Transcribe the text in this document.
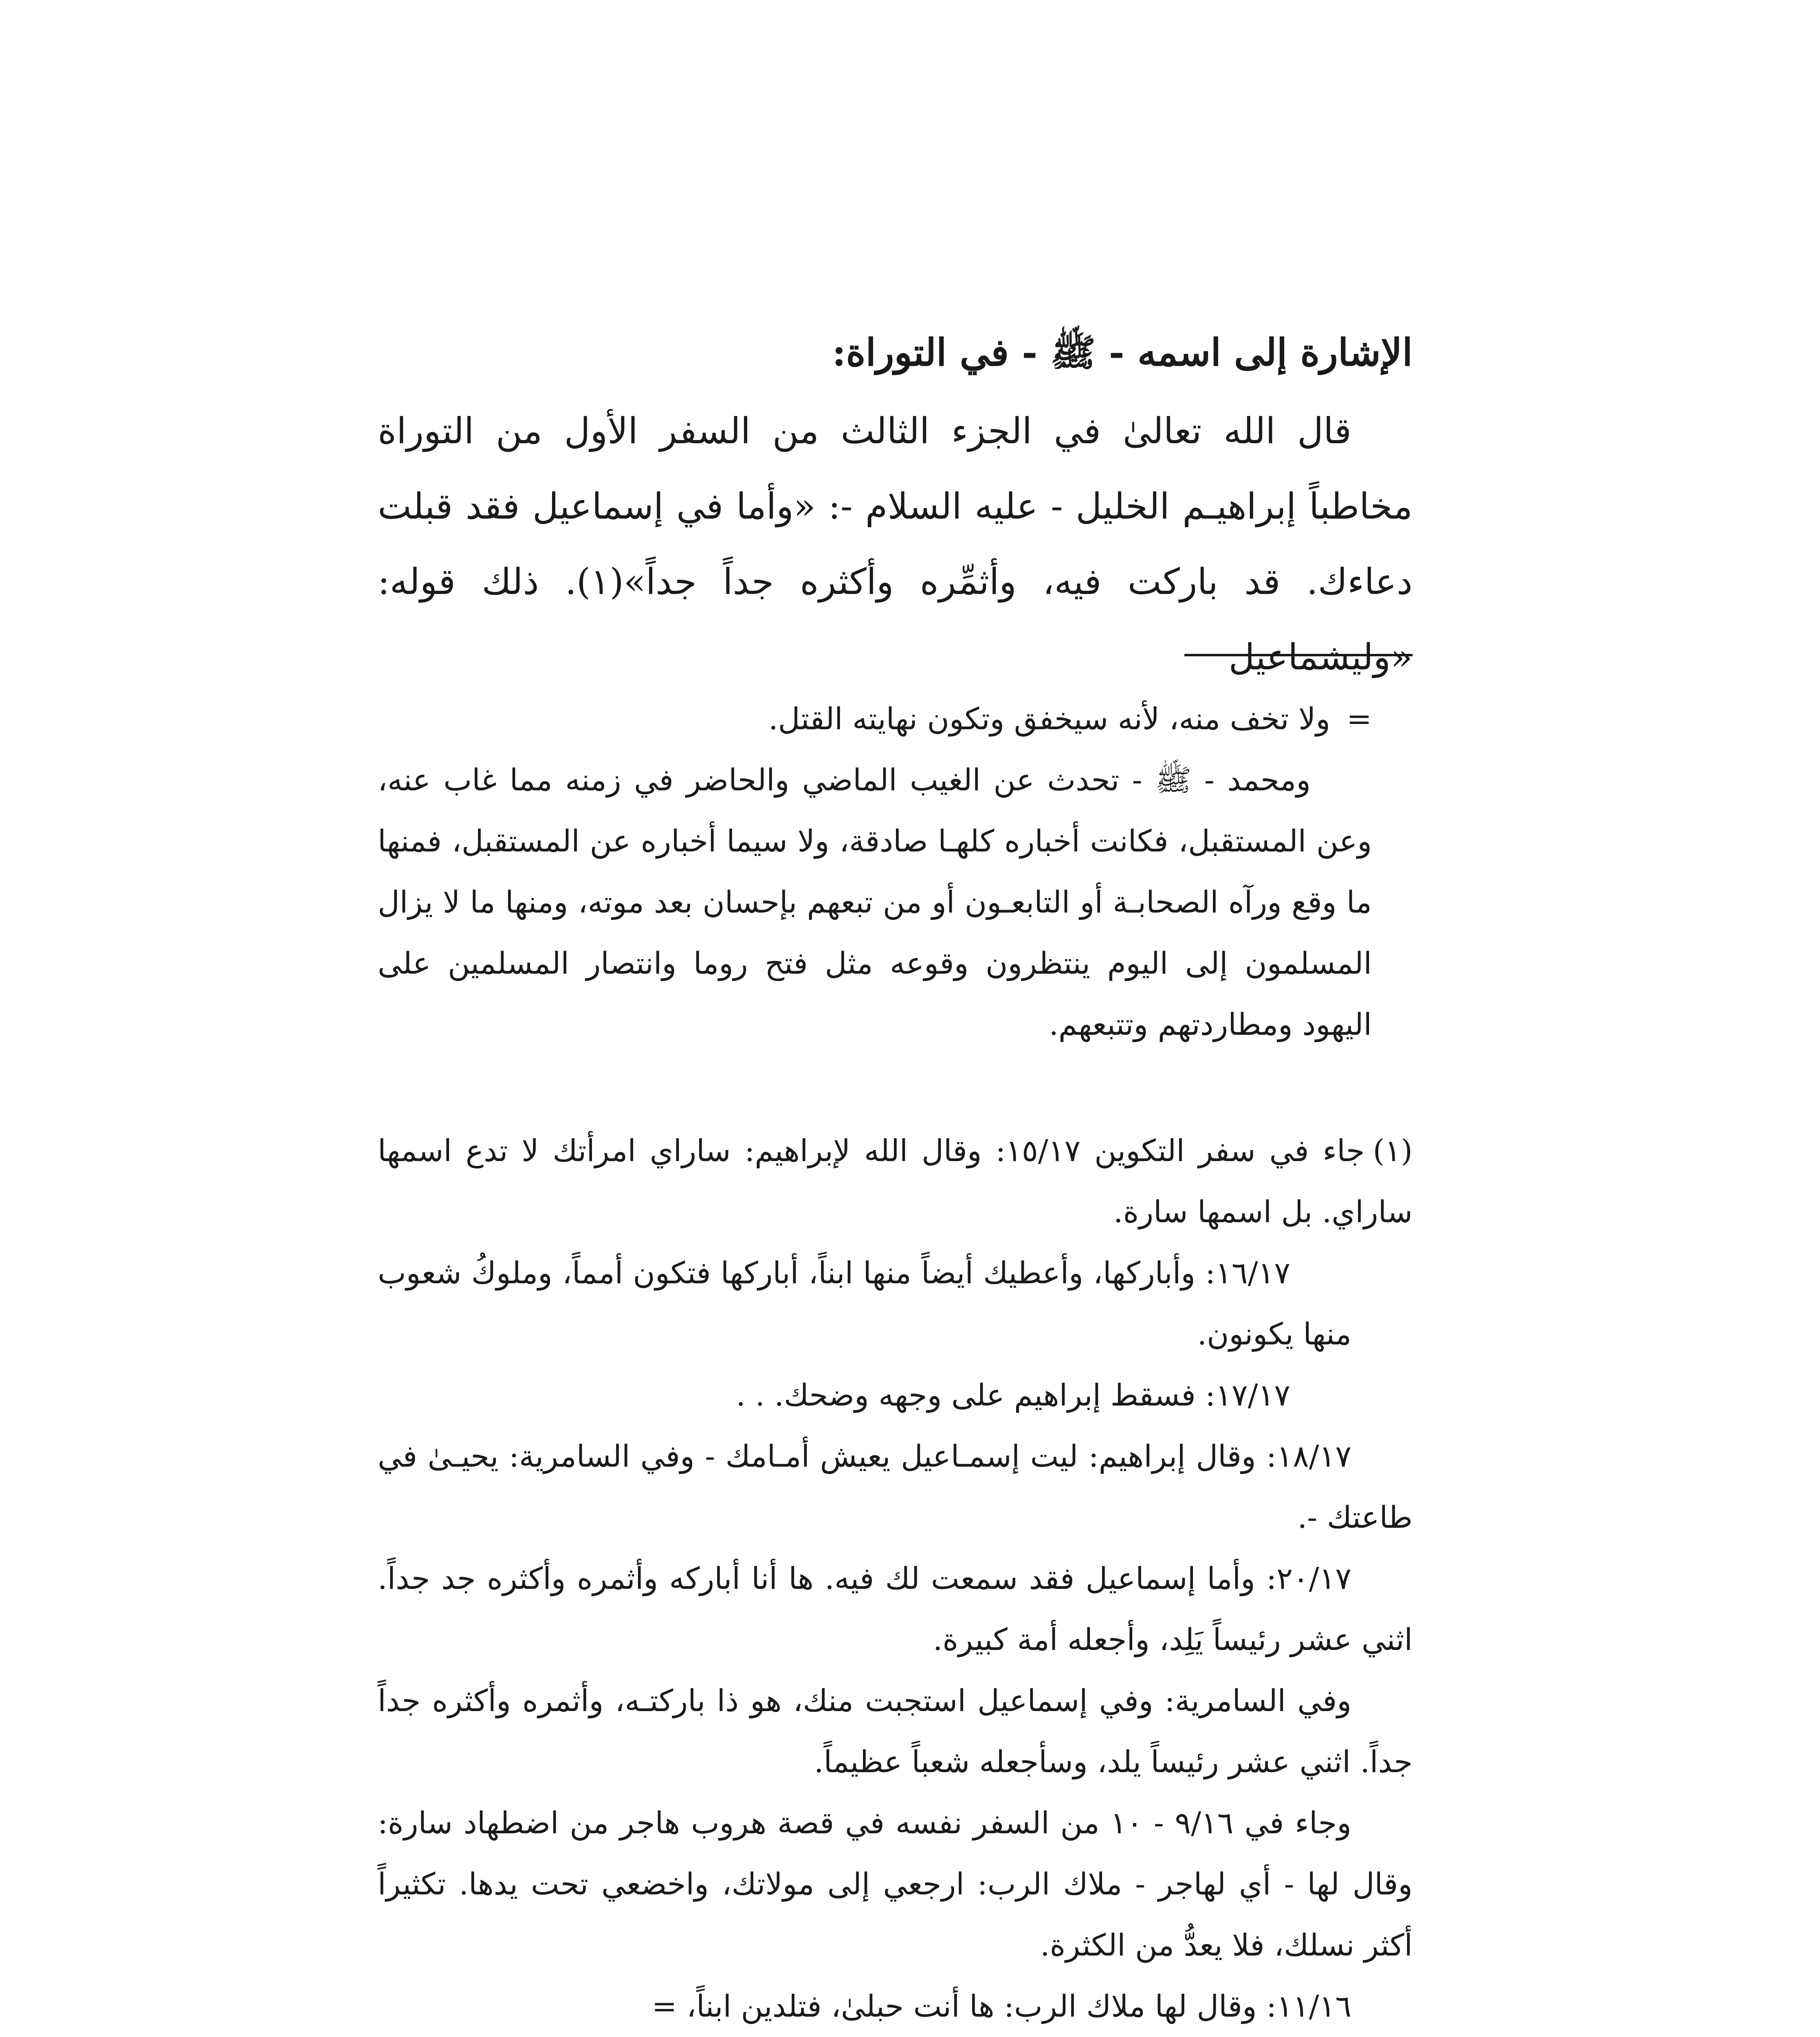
الإشارة إلى اسمه - ﷺ - في التوراة:
قال الله تعالىٰ في الجزء الثالث من السفر الأول من التوراة مخاطباً إبراهيـم الخليل - عليه السلام -: «وأما في إسماعيل فقد قبلت دعاءك. قد باركت فيه، وأثمِّره وأكثره جداً جداً»(١). ذلك قوله: «وليشماعيل

=ولا تخف منه، لأنه سيخفق وتكون نهايته القتل.

ومحمد - ﷺ - تحدث عن الغيب الماضي والحاضر في زمنه مما غاب عنه، وعن المستقبل، فكانت أخباره كلهـا صادقة، ولا سيما أخباره عن المستقبل، فمنها ما وقع ورآه الصحابـة أو التابعـون أو من تبعهم بإحسان بعد موته، ومنها ما لا يزال المسلمون إلى اليوم ينتظرون وقوعه مثل فتح روما وانتصار المسلمين على اليهود ومطاردتهم وتتبعهم.

(١)جاء في سفر التكوين ١٥/١٧: وقال الله لإبراهيم: ساراي امرأتك لا تدع اسمها ساراي. بل اسمها سارة.

١٦/١٧: وأباركها، وأعطيك أيضاً منها ابناً، أباركها فتكون أمماً، وملوكُ شعوب منها يكونون.

١٧/١٧: فسقط إبراهيم على وجهه وضحك. . .

١٨/١٧: وقال إبراهيم: ليت إسمـاعيل يعيش أمـامك - وفي السامرية: يحيـىٰ في طاعتك -.

٢٠/١٧: وأما إسماعيل فقد سمعت لك فيه. ها أنا أباركه وأثمره وأكثره جد جداً. اثني عشر رئيساً يَلِد، وأجعله أمة كبيرة.

وفي السامرية: وفي إسماعيل استجبت منك، هو ذا باركتـه، وأثمره وأكثره جداً جداً. اثني عشر رئيساً يلد، وسأجعله شعباً عظيماً.

وجاء في ٩/١٦ - ١٠ من السفر نفسه في قصة هروب هاجر من اضطهاد سارة: وقال لها - أي لهاجر - ملاك الرب: ارجعي إلى مولاتك، واخضعي تحت يدها. تكثيراً أكثر نسلك، فلا يعدُّ من الكثرة.

١١/١٦: وقال لها ملاك الرب: ها أنت حبلىٰ، فتلدين ابناً، =
